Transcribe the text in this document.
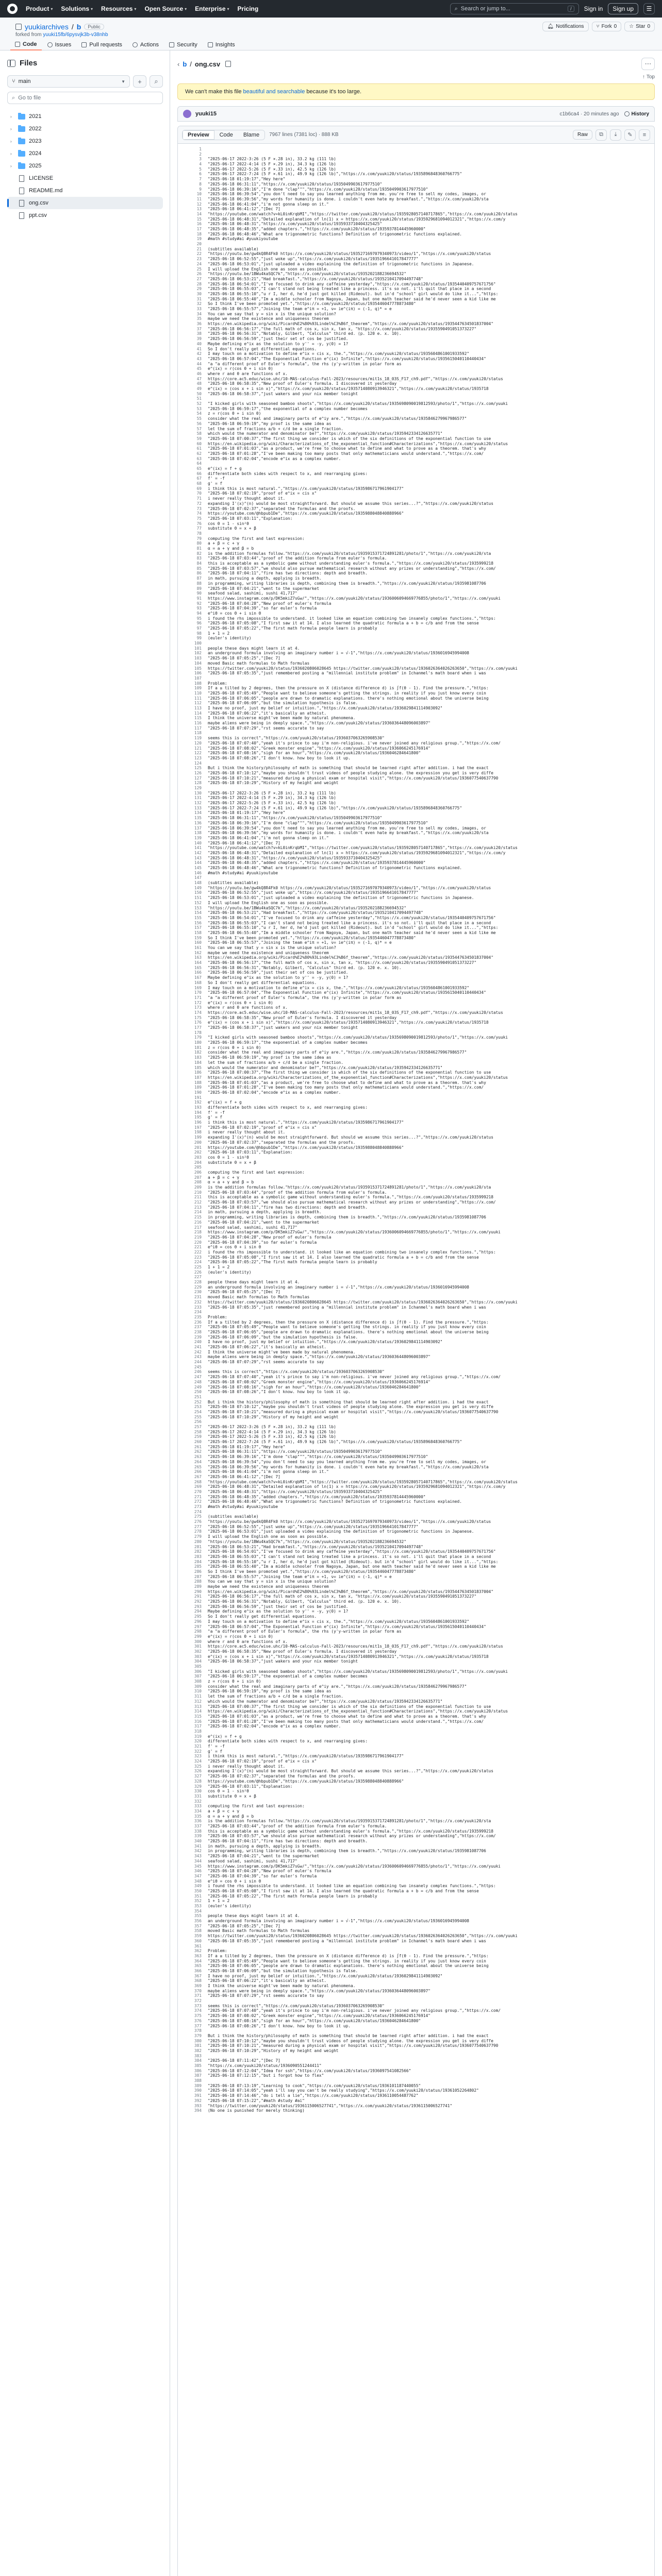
Product ▾ Solutions ▾ Resources ▾ Open Source ▾ Enterprise ▾ Pricing	⌕ Search or jump to...	/	Sign in	Sign up	☰
yuukiarchives / b	Public
forked from yuuki15fb/6pysvjk3b-v38nhb
🔔︎ Notifications ⑂ Fork 0 ☆ Star 0
Code	Issues	Pull requests	Actions	Security	Insights
Files
⑂ main	▼ + ⌕
⌕ Go to file
›	2021
›	2022
›	2023
›	2024
›	2025
LICENSE
README.md
ong.csv
ppt.csv
‹ b / ong.csv	⋯
↑ Top
We can't make this file beautiful and searchable because it's too large.
yuuki15	c1b6ca4 · 20 minutes ago History
Preview	Code	Blame	7967 lines (7381 loc) · 888 KB	Raw	⧉	⤓	✎	≡
1
2
3	"2025-06-17 2022-3:26 (5 F ×.28 in), 33.2 kg (111 lb)
4	"2025-06-17 2022-4:14 (5 F ×.29 in), 34.3 kg (126 lb)
5	"2025-06-17 2022-5:26 (5 F ×.33 in), 42.5 kg (126 lb)
6	"2025-06-17 2022-7:24 (5 F ×.61 in), 49.9 kg (126 lb)","https://x.com/yuuki20/status/1935896848360766775"
7	"2025-06-18 01:19:17","Hey here"
8	"2025-06-18 06:31:11","https://x.com/yuuki20/status/1935049903617977510"
9	"2025-06-18 06:39:16","I'm done "clap""","https://x.com/yuuki20/status/1935049903617977510"
10	"2025-06-18 06:39:54","you don't need to say you learned anything from me. you're free to sell my codes, images, or
11	"2025-06-18 06:39:56","my words for humanity is done. i couldn't even hate my breakfast.","https://x.com/yuuki20/sta
12	"2025-06-18 06:41:04","i'm not gonna sleep on it."
13	"2025-06-18 06:41:12","[Dec 7]
14	"https://youtube.com/watch?v=kL0inKrqbMI","https://twitter.com/yuuki20/status/1935928057140717865","https://x.com/yuuki20/status
15	"2025-06-18 06:48:31","Detailed explanation of ln(1) x = https://x.com/yuuki20/status/1935929681094012321","https://x.com/y
16	"2025-06-18 06:48:31","https://x.com/yuuki20/status/1935933710404325425"
17	"2025-06-18 06:48:35","added chapters.","https://x.com/yuuki20/status/1935937814445960000"
18	"2025-06-18 06:48:46","What are trigonometric functions? Definition of trigonometric functions explained.
19	#math #study#ai #yuukiyoutube
20
21	(subtitles available)
22	"https://youtu.be/gw4kQ8R4Fk0 https://x.com/yuuki20/status/1935271697079340973/video/1","https://x.com/yuuki20/status
23	"2025-06-18 06:52:55","just woke up","https://x.com/yuuki20/status/1935196641017847777"
24	"2025-06-18 06:53:01","just uploaded a video explaining the definition of trigonometric functions in Japanese.
25	I will upload the English one as soon as possible.
26	"https://youtu.be/1BWu4kaSQC7k","https://x.com/yuuki20/status/1935202188236694532"
27	"2025-06-18 06:53:21","Had breakfast.","https://x.com/yuuki20/status/1935210417094497748"
28	"2025-06-18 06:54:01","I've focused to drink any caffeine yesterday","https://x.com/yuuki20/status/1935440409757671756"
29	"2025-06-18 06:55:03","I can't stand not being treated like a princess. it's so not. i'll quit that place in a second
30	"2025-06-18 06:55:10","u r I, her d, he'd just got killed (Rideout). but in'd "school" girl would do like it...","https:
31	"2025-06-18 06:55:40","Im a middle schooler from Nagoya, Japan, but one math teacher said he'd never seen a kid like me
32	So I think I've been promoted yet.","https://x.com/yuuki20/status/1935446047778873480"
33	"2025-06-18 06:55:57","Joining the team e^iπ = +1, ν= ie^(iπ) = (-1, q)* = e
34	You can we say that y = sin x is the unique solution?
35	maybe we need the existence and uniqueness theorem
36	https://en.wikipedia.org/wiki/Picard%E2%80%93Lindel%C3%B6f_theorem","https://x.com/yuuki20/status/1935447634501837004"
37	"2025-06-18 06:56:17","the full math of cos x, sin x, tan x, "https://x.com/yuuki20/status/1935590491051373227"
38	"2025-06-18 06:56:31","Notably, Gilbert, "Calculus" third ed. (p. 120 e. x. 10).
39	"2025-06-18 06:56:59","just their set of cos be justified.
40	Maybe defining e^ix as the solution to y'' = -y, y(0) = 1?
41	So I don't really get differential equations.
42	I may touch on a motivation to define e^ix = cis x, the.","https://x.com/yuuki20/status/1935604861001933592"
43	"2025-06-18 06:57:04","The Exponential Function e^(ix) Infinite","https://x.com/yuuki20/status/1935615040110440434"
44	"a "a different proof of Euler's formula", the rhs (y'y-written in polar form as
45	e^(ix) = r(cos θ + i sin θ)
46	where r and θ are functions of x.
47	https://core.ac5.educ/wise.uhc/10-MAS-calculus-Fall-2023/resources/mit1s_18_03S_F17_ch9.pdf","https://x.com/yuuki20/status
48	"2025-06-18 06:58:35","New proof of Euler's formula. I discovered it yesterday
49	e^(ix) = (cos x + i sin x)","https://x.com/yuuki20/status/1935714080913946321","https://x.com/yuuki20/status/1935718
50	"2025-06-18 06:58:37","just wakers and your nix member tonight
51
52	"I kicked girls with seasoned bamboo shoots","https://x.com/yuuki20/status/1935698090019812593/photo/1","https://x.com/yuuki
53	"2025-06-18 06:59:17","the exponential of a complex number becomes
54	z = r(cos θ + i sin θ)
55	consider what the real and imaginary parts of e^iy are.","https://x.com/yuuki20/status/1935846279967986577"
56	"2025-06-18 06:59:19","my proof is the same idea as
57	let the sum of fractions a/b + c/d be a single fraction.
58	which would the numerator and denominator be?","https://x.com/yuuki20/status/1935942334126635771"
59	"2025-06-18 07:00:37","The first thing we consider is which of the six definitions of the exponential function to use
60	https://en.wikipedia.org/wiki/Characterizations_of_the_exponential_function#Characterizations","https://x.com/yuuki20/status
61	"2025-06-18 07:01:03","as a product, we're free to choose what to define and what to prove as a theorem. that's why
62	"2025-06-18 07:01:28","I've been making too many posts that only mathematicians would understand.","https://x.com/
63	"2025-06-18 07:02:04","encode e^ix as a complex number.
64
65	e^(ix) = f + g
66	differentiate both sides with respect to x, and rearranging gives:
67	f' = -f
68	g' = f
69	i think this is most natural.","https://x.com/yuuki20/status/1935986717961904177"
70	"2025-06-18 07:02:19","proof of e^ix = cis x"
71	i never really thought about it.
72	expanding I'(x)^(n) would be most straightforward. But should we assume this series...?","https://x.com/yuuki20/status
73	"2025-06-18 07:02:37","separated the formulas and the proofs.
74	https://youtube.com/@hbpub1De","https://x.com/yuuki20/status/1935988048840888966"
75	"2025-06-18 07:03:11","Explanation:
76	cos θ = 1 - sin²θ
77	substitute θ = x + β
78
79	computing the first and last expression:
80	a + β = c + γ
81	α = a + γ and β = b
82	is the addition formulas follow."https://x.com/yuuki20/status/1935915371724891281/photo/1","https://x.com/yuuki20/sta
83	"2025-06-18 07:03:44","proof of the addition formula from euler's formula.
84	this is acceptable as a symbolic game without understanding euler's formula.","https://x.com/yuuki20/status/1935999218
85	"2025-06-18 07:03:57","we should also pursue mathematical research without any prizes or understanding","https://x.com/
86	"2025-06-18 07:04:11","fire has two directions: depth and breadth.
87	in math, pursuing a depth, applying is breadth.
88	in programming, writing libraries is depth, combining them is breadth.","https://x.com/yuuki20/status/1935981087706
89	"2025-06-18 07:04:21","went to the supermarket
90	seafood salad, sashimi, sushi 41,717"
91	https://www.instagram.com/p/DK5mkiZ7sGw/","https://x.com/yuuki20/status/1936006094669776855/photo/1","https://x.com/yuuki
92	"2025-06-18 07:04:28","New proof of euler's formula
93	"2025-06-18 07:04:39","so far euler's formula
94	e^iθ = cos θ + i sin θ
95	i found the rhs impossible to understand. it looked like an equation combining two insanely complex functions.","https:
96	"2025-06-18 07:05:08","I first saw it at 14. I also learned the quadratic formula a + b = c/b and from the sense
97	"2025-06-18 07:05:22","The first math formula people learn is probably
98	1 + 1 = 2
99	(euler's identity)
100
101	people these days might learn it at 4.
102	an underground formula involving an imaginary number i = √-1","https://x.com/yuuki20/status/1936016945994008
103	"2025-06-18 07:05:25","[Dec 7]
104	moved Basic math formulas to Math formulas
105	https://twitter.com/yuuki20/status/1936020806028645 https://twitter.com/yuuki20/status/1936026364026263650","https://x.com/yuuki
106	"2025-06-18 07:05:35","just remembered posting a "millennial institute problem" in Ichanmel's math board when i was
107
108	Problem:
109	If a ≥ tilted by 2 degrees, then the pressure on X (distance difference d) is ∫f(θ - 1). Find the pressure.","https:
110	"2025-06-18 07:05:49","People want to believe someone's getting the strings. in reality if you just know every coin
111	"2025-06-18 07:06:05","people are drawn to dramatic explanations. there's nothing emotional about the universe being
112	"2025-06-18 07:06:09","but the simulation hypothesis is false.
113	I have no proof, just my belief or intuition.","https://x.com/yuuki20/status/1936029841114903092"
114	"2025-06-18 07:06:22","it's basically an atheist.
115	I think the universe might've been made by natural phenomena.
116	maybe aliens were being in deeply space.","https://x.com/yuuki20/status/1936036448096003897"
117	"2025-06-18 07:07:29","rst seems accurate to say
118
119	seems this is correct","https://x.com/yuuki20/status/1936037063265908530"
120	"2025-06-18 07:07:40","yeah it's prince to say i'm non-religious. i've never joined any religious group.","https://x.com/
121	"2025-06-18 07:08:02","Greek monster engine","https://x.com/yuuki20/status/1936066245176914"
122	"2025-06-18 07:08:16","sigh for an hour","https://x.com/yuuki20/status/1936046284641800"
123	"2025-06-18 07:08:26","I don't know. how boy to look it up.
124
125	But i think the history/philosophy of math is something that should be learned right after addition. i had the exact
126	"2025-06-18 07:10:12","maybe you shouldn't trust videos of people studying alone. the expression you get is very diffe
127	"2025-06-18 07:10:21","measured during a physical exam or hospital visit","https://x.com/yuuki20/status/1936077540637790
128	"2025-06-18 07:10:29","History of my height and weight
129
130	"2025-06-17 2022-3:26 (5 F ×.28 in), 33.2 kg (111 lb)
131	"2025-06-17 2022-4:14 (5 F ×.29 in), 34.3 kg (126 lb)
132	"2025-06-17 2022-5:26 (5 F ×.33 in), 42.5 kg (126 lb)
133	"2025-06-17 2022-7:24 (5 F ×.61 in), 49.9 kg (126 lb)","https://x.com/yuuki20/status/1935896848360766775"
134	"2025-06-18 01:19:17","Hey here"
135	"2025-06-18 06:31:11","https://x.com/yuuki20/status/1935049903617977510"
136	"2025-06-18 06:39:16","I'm done "clap""","https://x.com/yuuki20/status/1935049903617977510"
137	"2025-06-18 06:39:54","you don't need to say you learned anything from me. you're free to sell my codes, images, or
138	"2025-06-18 06:39:56","my words for humanity is done. i couldn't even hate my breakfast.","https://x.com/yuuki20/sta
139	"2025-06-18 06:41:04","i'm not gonna sleep on it."
140	"2025-06-18 06:41:12","[Dec 7]
141	"https://youtube.com/watch?v=kL0inKrqbMI","https://twitter.com/yuuki20/status/1935928057140717865","https://x.com/yuuki20/status
142	"2025-06-18 06:48:31","Detailed explanation of ln(1) x = https://x.com/yuuki20/status/1935929681094012321","https://x.com/y
143	"2025-06-18 06:48:31","https://x.com/yuuki20/status/1935933710404325425"
144	"2025-06-18 06:48:35","added chapters.","https://x.com/yuuki20/status/1935937814445960000"
145	"2025-06-18 06:48:46","What are trigonometric functions? Definition of trigonometric functions explained.
146	#math #study#ai #yuukiyoutube
147
148	(subtitles available)
149	"https://youtu.be/gw4kQ8R4Fk0 https://x.com/yuuki20/status/1935271697079340973/video/1","https://x.com/yuuki20/status
150	"2025-06-18 06:52:55","just woke up","https://x.com/yuuki20/status/1935196641017847777"
151	"2025-06-18 06:53:01","just uploaded a video explaining the definition of trigonometric functions in Japanese.
152	I will upload the English one as soon as possible.
153	"https://youtu.be/1BWu4kaSQC7k","https://x.com/yuuki20/status/1935202188236694532"
154	"2025-06-18 06:53:21","Had breakfast.","https://x.com/yuuki20/status/1935210417094497748"
155	"2025-06-18 06:54:01","I've focused to drink any caffeine yesterday","https://x.com/yuuki20/status/1935440409757671756"
156	"2025-06-18 06:55:03","I can't stand not being treated like a princess. it's so not. i'll quit that place in a second
157	"2025-06-18 06:55:10","u r I, her d, he'd just got killed (Rideout). but in'd "school" girl would do like it...","https:
158	"2025-06-18 06:55:40","Im a middle schooler from Nagoya, Japan, but one math teacher said he'd never seen a kid like me
159	So I think I've been promoted yet.","https://x.com/yuuki20/status/1935446047778873480"
160	"2025-06-18 06:55:57","Joining the team e^iπ = +1, ν= ie^(iπ) = (-1, q)* = e
161	You can we say that y = sin x is the unique solution?
162	maybe we need the existence and uniqueness theorem
163	https://en.wikipedia.org/wiki/Picard%E2%80%93Lindel%C3%B6f_theorem","https://x.com/yuuki20/status/1935447634501837004"
164	"2025-06-18 06:56:17","the full math of cos x, sin x, tan x, "https://x.com/yuuki20/status/1935590491051373227"
165	"2025-06-18 06:56:31","Notably, Gilbert, "Calculus" third ed. (p. 120 e. x. 10).
166	"2025-06-18 06:56:59","just their set of cos be justified.
167	Maybe defining e^ix as the solution to y'' = -y, y(0) = 1?
168	So I don't really get differential equations.
169	I may touch on a motivation to define e^ix = cis x, the.","https://x.com/yuuki20/status/1935604861001933592"
170	"2025-06-18 06:57:04","The Exponential Function e^(ix) Infinite","https://x.com/yuuki20/status/1935615040110440434"
171	"a "a different proof of Euler's formula", the rhs (y'y-written in polar form as
172	e^(ix) = r(cos θ + i sin θ)
173	where r and θ are functions of x.
174	https://core.ac5.educ/wise.uhc/10-MAS-calculus-Fall-2023/resources/mit1s_18_03S_F17_ch9.pdf","https://x.com/yuuki20/status
175	"2025-06-18 06:58:35","New proof of Euler's formula. I discovered it yesterday
176	e^(ix) = (cos x + i sin x)","https://x.com/yuuki20/status/1935714080913946321","https://x.com/yuuki20/status/1935718
177	"2025-06-18 06:58:37","just wakers and your nix member tonight
178
179	"I kicked girls with seasoned bamboo shoots","https://x.com/yuuki20/status/1935698090019812593/photo/1","https://x.com/yuuki
180	"2025-06-18 06:59:17","the exponential of a complex number becomes
181	z = r(cos θ + i sin θ)
182	consider what the real and imaginary parts of e^iy are.","https://x.com/yuuki20/status/1935846279967986577"
183	"2025-06-18 06:59:19","my proof is the same idea as
184	let the sum of fractions a/b + c/d be a single fraction.
185	which would the numerator and denominator be?","https://x.com/yuuki20/status/1935942334126635771"
186	"2025-06-18 07:00:37","The first thing we consider is which of the six definitions of the exponential function to use
187	https://en.wikipedia.org/wiki/Characterizations_of_the_exponential_function#Characterizations","https://x.com/yuuki20/status
188	"2025-06-18 07:01:03","as a product, we're free to choose what to define and what to prove as a theorem. that's why
189	"2025-06-18 07:01:28","I've been making too many posts that only mathematicians would understand.","https://x.com/
190	"2025-06-18 07:02:04","encode e^ix as a complex number.
191
192	e^(ix) = f + g
193	differentiate both sides with respect to x, and rearranging gives:
194	f' = -f
195	g' = f
196	i think this is most natural.","https://x.com/yuuki20/status/1935986717961904177"
197	"2025-06-18 07:02:19","proof of e^ix = cis x"
198	i never really thought about it.
199	expanding I'(x)^(n) would be most straightforward. But should we assume this series...?","https://x.com/yuuki20/status
200	"2025-06-18 07:02:37","separated the formulas and the proofs.
201	https://youtube.com/@hbpub1De","https://x.com/yuuki20/status/1935988048840888966"
202	"2025-06-18 07:03:11","Explanation:
203	cos θ = 1 - sin²θ
204	substitute θ = x + β
205
206	computing the first and last expression:
207	a + β = c + γ
208	α = a + γ and β = b
209	is the addition formulas follow."https://x.com/yuuki20/status/1935915371724891281/photo/1","https://x.com/yuuki20/sta
210	"2025-06-18 07:03:44","proof of the addition formula from euler's formula.
211	this is acceptable as a symbolic game without understanding euler's formula.","https://x.com/yuuki20/status/1935999218
212	"2025-06-18 07:03:57","we should also pursue mathematical research without any prizes or understanding","https://x.com/
213	"2025-06-18 07:04:11","fire has two directions: depth and breadth.
214	in math, pursuing a depth, applying is breadth.
215	in programming, writing libraries is depth, combining them is breadth.","https://x.com/yuuki20/status/1935981087706
216	"2025-06-18 07:04:21","went to the supermarket
217	seafood salad, sashimi, sushi 41,717"
218	https://www.instagram.com/p/DK5mkiZ7sGw/","https://x.com/yuuki20/status/1936006094669776855/photo/1","https://x.com/yuuki
219	"2025-06-18 07:04:28","New proof of euler's formula
220	"2025-06-18 07:04:39","so far euler's formula
221	e^iθ = cos θ + i sin θ
222	i found the rhs impossible to understand. it looked like an equation combining two insanely complex functions.","https:
223	"2025-06-18 07:05:08","I first saw it at 14. I also learned the quadratic formula a + b = c/b and from the sense
224	"2025-06-18 07:05:22","The first math formula people learn is probably
225	1 + 1 = 2
226	(euler's identity)
227
228	people these days might learn it at 4.
229	an underground formula involving an imaginary number i = √-1","https://x.com/yuuki20/status/1936016945994008
230	"2025-06-18 07:05:25","[Dec 7]
231	moved Basic math formulas to Math formulas
232	https://twitter.com/yuuki20/status/1936020806028645 https://twitter.com/yuuki20/status/1936026364026263650","https://x.com/yuuki
233	"2025-06-18 07:05:35","just remembered posting a "millennial institute problem" in Ichanmel's math board when i was
234
235	Problem:
236	If a ≥ tilted by 2 degrees, then the pressure on X (distance difference d) is ∫f(θ - 1). Find the pressure.","https:
237	"2025-06-18 07:05:49","People want to believe someone's getting the strings. in reality if you just know every coin
238	"2025-06-18 07:06:05","people are drawn to dramatic explanations. there's nothing emotional about the universe being
239	"2025-06-18 07:06:09","but the simulation hypothesis is false.
240	I have no proof, just my belief or intuition.","https://x.com/yuuki20/status/1936029841114903092"
241	"2025-06-18 07:06:22","it's basically an atheist.
242	I think the universe might've been made by natural phenomena.
243	maybe aliens were being in deeply space.","https://x.com/yuuki20/status/1936036448096003897"
244	"2025-06-18 07:07:29","rst seems accurate to say
245
246	seems this is correct","https://x.com/yuuki20/status/1936037063265908530"
247	"2025-06-18 07:07:40","yeah it's prince to say i'm non-religious. i've never joined any religious group.","https://x.com/
248	"2025-06-18 07:08:02","Greek monster engine","https://x.com/yuuki20/status/1936066245176914"
249	"2025-06-18 07:08:16","sigh for an hour","https://x.com/yuuki20/status/1936046284641800"
250	"2025-06-18 07:08:26","I don't know. how boy to look it up.
251
252	But i think the history/philosophy of math is something that should be learned right after addition. i had the exact
253	"2025-06-18 07:10:12","maybe you shouldn't trust videos of people studying alone. the expression you get is very diffe
254	"2025-06-18 07:10:21","measured during a physical exam or hospital visit","https://x.com/yuuki20/status/1936077540637790
255	"2025-06-18 07:10:29","History of my height and weight
256
257	"2025-06-17 2022-3:26 (5 F ×.28 in), 33.2 kg (111 lb)
258	"2025-06-17 2022-4:14 (5 F ×.29 in), 34.3 kg (126 lb)
259	"2025-06-17 2022-5:26 (5 F ×.33 in), 42.5 kg (126 lb)
260	"2025-06-17 2022-7:24 (5 F ×.61 in), 49.9 kg (126 lb)","https://x.com/yuuki20/status/1935896848360766775"
261	"2025-06-18 01:19:17","Hey here"
262	"2025-06-18 06:31:11","https://x.com/yuuki20/status/1935049903617977510"
263	"2025-06-18 06:39:16","I'm done "clap""","https://x.com/yuuki20/status/1935049903617977510"
264	"2025-06-18 06:39:54","you don't need to say you learned anything from me. you're free to sell my codes, images, or
265	"2025-06-18 06:39:56","my words for humanity is done. i couldn't even hate my breakfast.","https://x.com/yuuki20/sta
266	"2025-06-18 06:41:04","i'm not gonna sleep on it."
267	"2025-06-18 06:41:12","[Dec 7]
268	"https://youtube.com/watch?v=kL0inKrqbMI","https://twitter.com/yuuki20/status/1935928057140717865","https://x.com/yuuki20/status
269	"2025-06-18 06:48:31","Detailed explanation of ln(1) x = https://x.com/yuuki20/status/1935929681094012321","https://x.com/y
270	"2025-06-18 06:48:31","https://x.com/yuuki20/status/1935933710404325425"
271	"2025-06-18 06:48:35","added chapters.","https://x.com/yuuki20/status/1935937814445960000"
272	"2025-06-18 06:48:46","What are trigonometric functions? Definition of trigonometric functions explained.
273	#math #study#ai #yuukiyoutube
274
275	(subtitles available)
276	"https://youtu.be/gw4kQ8R4Fk0 https://x.com/yuuki20/status/1935271697079340973/video/1","https://x.com/yuuki20/status
277	"2025-06-18 06:52:55","just woke up","https://x.com/yuuki20/status/1935196641017847777"
278	"2025-06-18 06:53:01","just uploaded a video explaining the definition of trigonometric functions in Japanese.
279	I will upload the English one as soon as possible.
280	"https://youtu.be/1BWu4kaSQC7k","https://x.com/yuuki20/status/1935202188236694532"
281	"2025-06-18 06:53:21","Had breakfast.","https://x.com/yuuki20/status/1935210417094497748"
282	"2025-06-18 06:54:01","I've focused to drink any caffeine yesterday","https://x.com/yuuki20/status/1935440409757671756"
283	"2025-06-18 06:55:03","I can't stand not being treated like a princess. it's so not. i'll quit that place in a second
284	"2025-06-18 06:55:10","u r I, her d, he'd just got killed (Rideout). but in'd "school" girl would do like it...","https:
285	"2025-06-18 06:55:40","Im a middle schooler from Nagoya, Japan, but one math teacher said he'd never seen a kid like me
286	So I think I've been promoted yet.","https://x.com/yuuki20/status/1935446047778873480"
287	"2025-06-18 06:55:57","Joining the team e^iπ = +1, ν= ie^(iπ) = (-1, q)* = e
288	You can we say that y = sin x is the unique solution?
289	maybe we need the existence and uniqueness theorem
290	https://en.wikipedia.org/wiki/Picard%E2%80%93Lindel%C3%B6f_theorem","https://x.com/yuuki20/status/1935447634501837004"
291	"2025-06-18 06:56:17","the full math of cos x, sin x, tan x, "https://x.com/yuuki20/status/1935590491051373227"
292	"2025-06-18 06:56:31","Notably, Gilbert, "Calculus" third ed. (p. 120 e. x. 10).
293	"2025-06-18 06:56:59","just their set of cos be justified.
294	Maybe defining e^ix as the solution to y'' = -y, y(0) = 1?
295	So I don't really get differential equations.
296	I may touch on a motivation to define e^ix = cis x, the.","https://x.com/yuuki20/status/1935604861001933592"
297	"2025-06-18 06:57:04","The Exponential Function e^(ix) Infinite","https://x.com/yuuki20/status/1935615040110440434"
298	"a "a different proof of Euler's formula", the rhs (y'y-written in polar form as
299	e^(ix) = r(cos θ + i sin θ)
300	where r and θ are functions of x.
301	https://core.ac5.educ/wise.uhc/10-MAS-calculus-Fall-2023/resources/mit1s_18_03S_F17_ch9.pdf","https://x.com/yuuki20/status
302	"2025-06-18 06:58:35","New proof of Euler's formula. I discovered it yesterday
303	e^(ix) = (cos x + i sin x)","https://x.com/yuuki20/status/1935714080913946321","https://x.com/yuuki20/status/1935718
304	"2025-06-18 06:58:37","just wakers and your nix member tonight
305
306	"I kicked girls with seasoned bamboo shoots","https://x.com/yuuki20/status/1935698090019812593/photo/1","https://x.com/yuuki
307	"2025-06-18 06:59:17","the exponential of a complex number becomes
308	z = r(cos θ + i sin θ)
309	consider what the real and imaginary parts of e^iy are.","https://x.com/yuuki20/status/1935846279967986577"
310	"2025-06-18 06:59:19","my proof is the same idea as
311	let the sum of fractions a/b + c/d be a single fraction.
312	which would the numerator and denominator be?","https://x.com/yuuki20/status/1935942334126635771"
313	"2025-06-18 07:00:37","The first thing we consider is which of the six definitions of the exponential function to use
314	https://en.wikipedia.org/wiki/Characterizations_of_the_exponential_function#Characterizations","https://x.com/yuuki20/status
315	"2025-06-18 07:01:03","as a product, we're free to choose what to define and what to prove as a theorem. that's why
316	"2025-06-18 07:01:28","I've been making too many posts that only mathematicians would understand.","https://x.com/
317	"2025-06-18 07:02:04","encode e^ix as a complex number.
318
319	e^(ix) = f + g
320	differentiate both sides with respect to x, and rearranging gives:
321	f' = -f
322	g' = f
323	i think this is most natural.","https://x.com/yuuki20/status/1935986717961904177"
324	"2025-06-18 07:02:19","proof of e^ix = cis x"
325	i never really thought about it.
326	expanding I'(x)^(n) would be most straightforward. But should we assume this series...?","https://x.com/yuuki20/status
327	"2025-06-18 07:02:37","separated the formulas and the proofs.
328	https://youtube.com/@hbpub1De","https://x.com/yuuki20/status/1935988048840888966"
329	"2025-06-18 07:03:11","Explanation:
330	cos θ = 1 - sin²θ
331	substitute θ = x + β
332
333	computing the first and last expression:
334	a + β = c + γ
335	α = a + γ and β = b
336	is the addition formulas follow."https://x.com/yuuki20/status/1935915371724891281/photo/1","https://x.com/yuuki20/sta
337	"2025-06-18 07:03:44","proof of the addition formula from euler's formula.
338	this is acceptable as a symbolic game without understanding euler's formula.","https://x.com/yuuki20/status/1935999218
339	"2025-06-18 07:03:57","we should also pursue mathematical research without any prizes or understanding","https://x.com/
340	"2025-06-18 07:04:11","fire has two directions: depth and breadth.
341	in math, pursuing a depth, applying is breadth.
342	in programming, writing libraries is depth, combining them is breadth.","https://x.com/yuuki20/status/1935981087706
343	"2025-06-18 07:04:21","went to the supermarket
344	seafood salad, sashimi, sushi 41,717"
345	https://www.instagram.com/p/DK5mkiZ7sGw/","https://x.com/yuuki20/status/1936006094669776855/photo/1","https://x.com/yuuki
346	"2025-06-18 07:04:28","New proof of euler's formula
347	"2025-06-18 07:04:39","so far euler's formula
348	e^iθ = cos θ + i sin θ
349	i found the rhs impossible to understand. it looked like an equation combining two insanely complex functions.","https:
350	"2025-06-18 07:05:08","I first saw it at 14. I also learned the quadratic formula a + b = c/b and from the sense
351	"2025-06-18 07:05:22","The first math formula people learn is probably
352	1 + 1 = 2
353	(euler's identity)
354
355	people these days might learn it at 4.
356	an underground formula involving an imaginary number i = √-1","https://x.com/yuuki20/status/1936016945994008
357	"2025-06-18 07:05:25","[Dec 7]
358	moved Basic math formulas to Math formulas
359	https://twitter.com/yuuki20/status/1936020806028645 https://twitter.com/yuuki20/status/1936026364026263650","https://x.com/yuuki
360	"2025-06-18 07:05:35","just remembered posting a "millennial institute problem" in Ichanmel's math board when i was
361
362	Problem:
363	If a ≥ tilted by 2 degrees, then the pressure on X (distance difference d) is ∫f(θ - 1). Find the pressure.","https:
364	"2025-06-18 07:05:49","People want to believe someone's getting the strings. in reality if you just know every coin
365	"2025-06-18 07:06:05","people are drawn to dramatic explanations. there's nothing emotional about the universe being
366	"2025-06-18 07:06:09","but the simulation hypothesis is false.
367	I have no proof, just my belief or intuition.","https://x.com/yuuki20/status/1936029841114903092"
368	"2025-06-18 07:06:22","it's basically an atheist.
369	I think the universe might've been made by natural phenomena.
370	maybe aliens were being in deeply space.","https://x.com/yuuki20/status/1936036448096003897"
371	"2025-06-18 07:07:29","rst seems accurate to say
372
373	seems this is correct","https://x.com/yuuki20/status/1936037063265908530"
374	"2025-06-18 07:07:40","yeah it's prince to say i'm non-religious. i've never joined any religious group.","https://x.com/
375	"2025-06-18 07:08:02","Greek monster engine","https://x.com/yuuki20/status/1936066245176914"
376	"2025-06-18 07:08:16","sigh for an hour","https://x.com/yuuki20/status/1936046284641800"
377	"2025-06-18 07:08:26","I don't know. how boy to look it up.
378
379	But i think the history/philosophy of math is something that should be learned right after addition. i had the exact
380	"2025-06-18 07:10:12","maybe you shouldn't trust videos of people studying alone. the expression you get is very diffe
381	"2025-06-18 07:10:21","measured during a physical exam or hospital visit","https://x.com/yuuki20/status/1936077540637790
382	"2025-06-18 07:10:29","History of my height and weight
383
384	"2025-06-18 07:11:42","[Dec 7]
385	"https://x.com/yuuki20/status/1936090551244411"
386	"2025-06-18 07:12:04","Idea for ssh","https://x.com/yuuki20/status/1936097541082566"
387	"2025-06-18 07:12:15","but i forgot how to flex"
388
389	"2025-06-18 07:13:19","Learning to cook","https://x.com/yuuki20/status/1936101187440055"
390	"2025-06-18 07:14:05","yeah i'll say you can't be really studying","https://x.com/yuuki20/status/19361052264802"
391	"2025-06-18 07:14:46","do i tell a lie","https://x.com/yuuki20/status/1936110054487762"
392	"2025-06-18 07:15:22","#math #study #ai"
393	"https://twitter.com/yuuki20/status/1936115006527741","https://x.com/yuuki20/status/1936115006527741"
394	(No one is punished for merely thinking)
